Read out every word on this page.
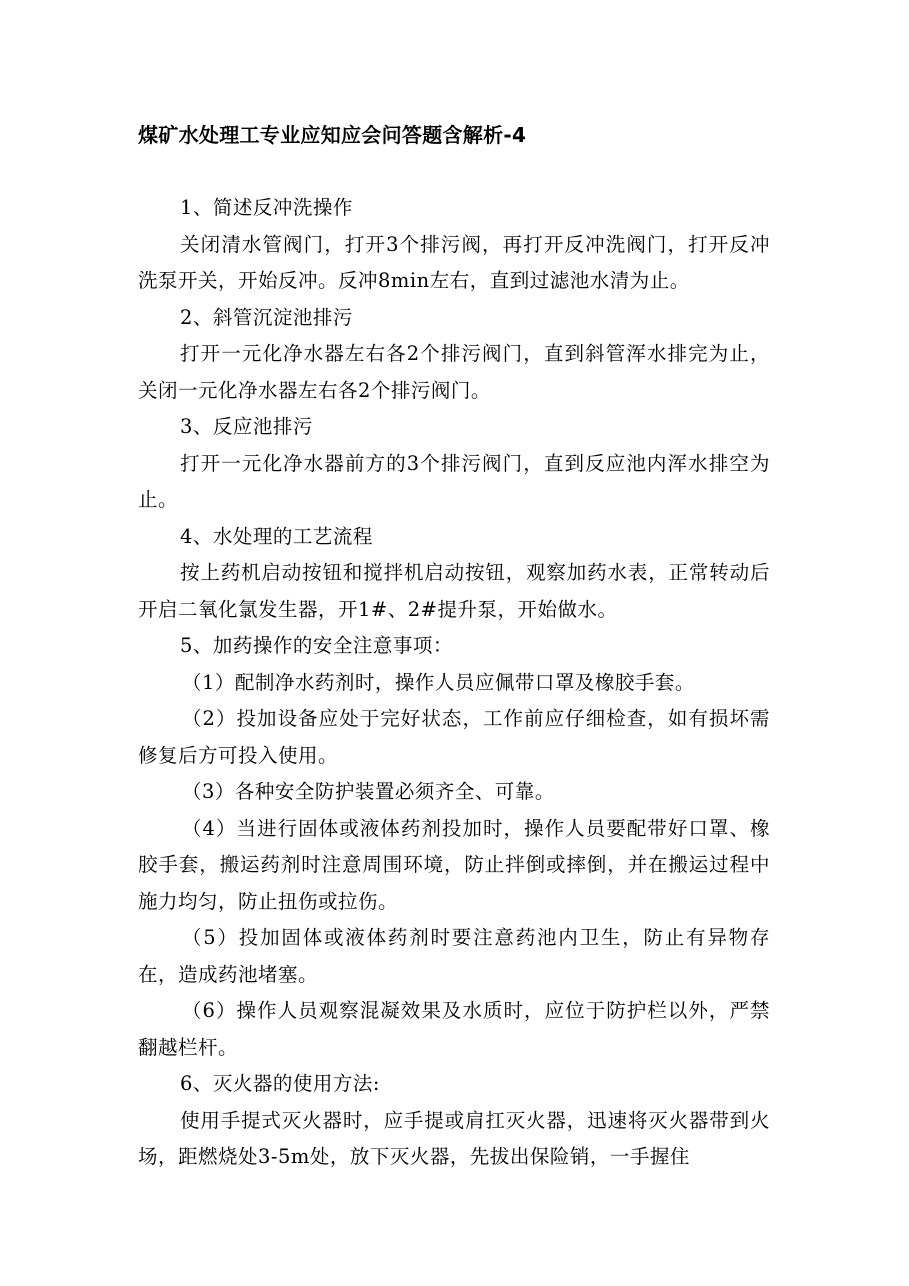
煤矿水处理工专业应知应会问答题含解析-4

1、简述反冲洗操作

关闭清水管阀门，打开3个排污阀，再打开反冲洗阀门，打开反冲洗泵开关，开始反冲。反冲8min左右，直到过滤池水清为止。

2、斜管沉淀池排污

打开一元化净水器左右各2个排污阀门，直到斜管浑水排完为止，关闭一元化净水器左右各2个排污阀门。

3、反应池排污

打开一元化净水器前方的3个排污阀门，直到反应池内浑水排空为止。

4、水处理的工艺流程

按上药机启动按钮和搅拌机启动按钮，观察加药水表，正常转动后开启二氧化氯发生器，开1#、2#提升泵，开始做水。

5、加药操作的安全注意事项：

（1）配制净水药剂时，操作人员应佩带口罩及橡胶手套。

（2）投加设备应处于完好状态，工作前应仔细检查，如有损坏需修复后方可投入使用。

（3）各种安全防护装置必须齐全、可靠。

（4）当进行固体或液体药剂投加时，操作人员要配带好口罩、橡胶手套，搬运药剂时注意周围环境，防止拌倒或摔倒，并在搬运过程中施力均匀，防止扭伤或拉伤。

（5）投加固体或液体药剂时要注意药池内卫生，防止有异物存在，造成药池堵塞。

（6）操作人员观察混凝效果及水质时，应位于防护栏以外，严禁翻越栏杆。

6、灭火器的使用方法:

使用手提式灭火器时，应手提或肩扛灭火器，迅速将灭火器带到火场，距燃烧处3-5m处，放下灭火器，先拔出保险销，一手握住
